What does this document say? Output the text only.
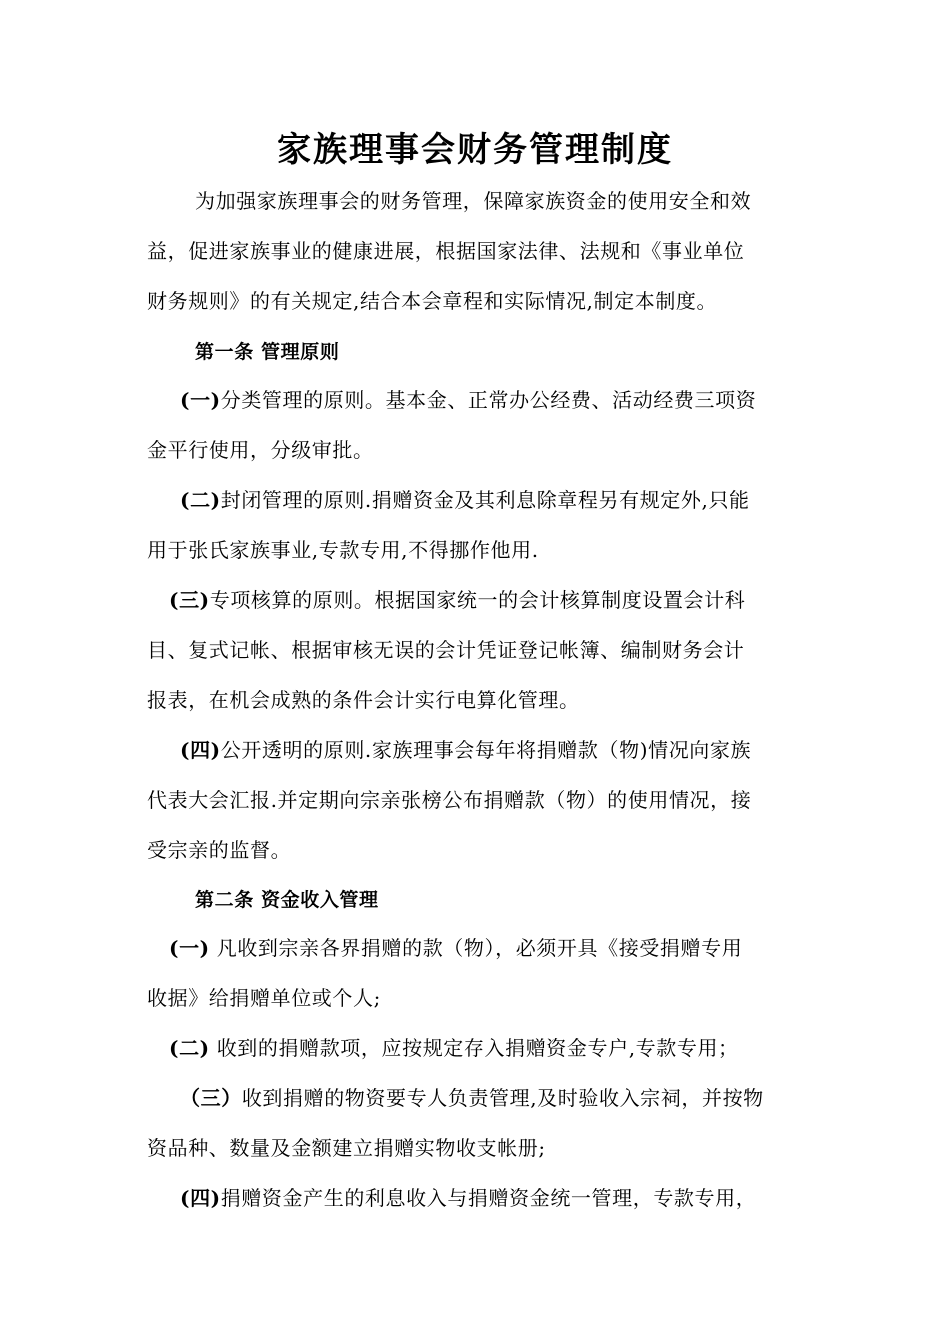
家族理事会财务管理制度
为加强家族理事会的财务管理，保障家族资金的使用安全和效
益，促进家族事业的健康进展，根据国家法律、法规和《事业单位
财务规则》的有关规定,结合本会章程和实际情况,制定本制度。
第一条 管理原则
(一)分类管理的原则。基本金、正常办公经费、活动经费三项资
金平行使用，分级审批。
(二)封闭管理的原则.捐赠资金及其利息除章程另有规定外,只能
用于张氏家族事业,专款专用,不得挪作他用.
(三)专项核算的原则。根据国家统一的会计核算制度设置会计科
目、复式记帐、根据审核无误的会计凭证登记帐簿、编制财务会计
报表，在机会成熟的条件会计实行电算化管理。
(四)公开透明的原则.家族理事会每年将捐赠款（物)情况向家族
代表大会汇报.并定期向宗亲张榜公布捐赠款（物）的使用情况，接
受宗亲的监督。
第二条 资金收入管理
(一) 凡收到宗亲各界捐赠的款（物），必须开具《接受捐赠专用
收据》给捐赠单位或个人;
(二) 收到的捐赠款项，应按规定存入捐赠资金专户,专款专用；
（三）收到捐赠的物资要专人负责管理,及时验收入宗祠，并按物
资品种、数量及金额建立捐赠实物收支帐册;
(四)捐赠资金产生的利息收入与捐赠资金统一管理，专款专用，
